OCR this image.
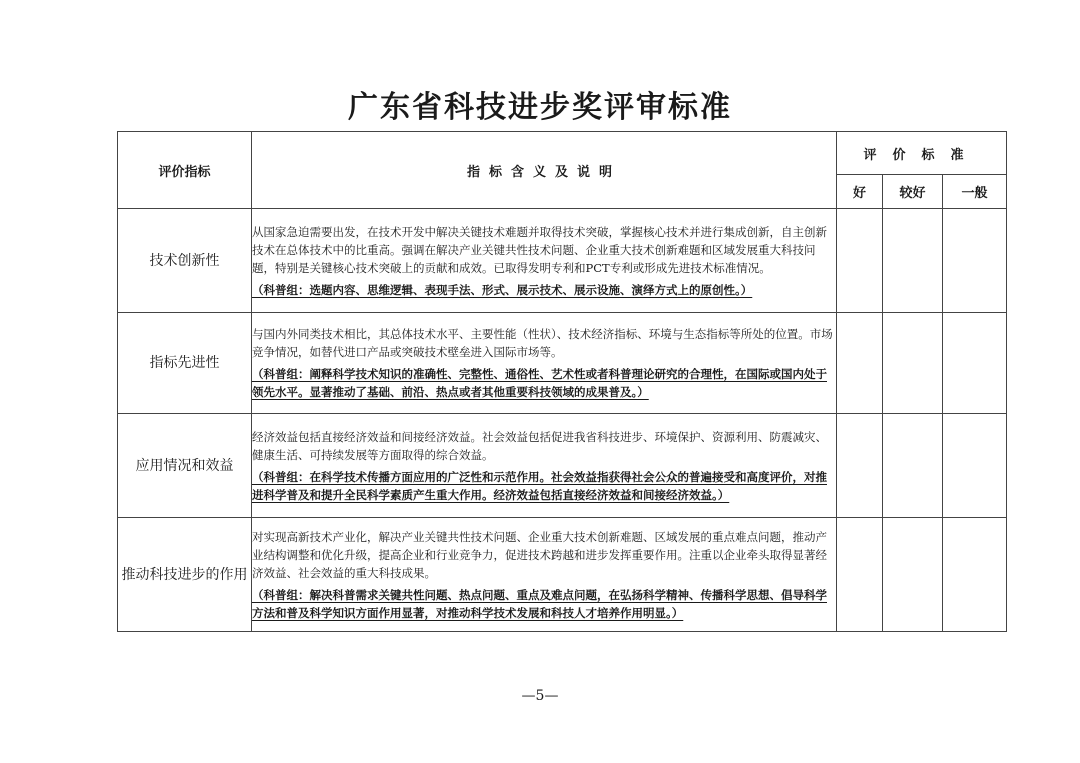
广东省科技进步奖评审标准
评价指标	指标含义及说明	评价标准		
		好	较好	一般
技术创新性	从国家急迫需要出发，在技术开发中解决关键技术难题并取得技术突破，掌握核心技术并进行集成创新，自主创新技术在总体技术中的比重高。强调在解决产业关键共性技术问题、企业重大技术创新难题和区域发展重大科技问题，特别是关键核心技术突破上的贡献和成效。已取得发明专利和PCT专利或形成先进技术标准情况。

（科普组：选题内容、思维逻辑、表现手法、形式、展示技术、展示设施、演绎方式上的原创性。）			

指标先进性	与国内外同类技术相比，其总体技术水平、主要性能（性状）、技术经济指标、环境与生态指标等所处的位置。市场竞争情况，如替代进口产品或突破技术壁垒进入国际市场等。

（科普组：阐释科学技术知识的准确性、完整性、通俗性、艺术性或者科普理论研究的合理性，在国际或国内处于领先水平。显著推动了基础、前沿、热点或者其他重要科技领域的成果普及。）			

应用情况和效益	经济效益包括直接经济效益和间接经济效益。社会效益包括促进我省科技进步、环境保护、资源利用、防震减灾、健康生活、可持续发展等方面取得的综合效益。

（科普组：在科学技术传播方面应用的广泛性和示范作用。社会效益指获得社会公众的普遍接受和高度评价，对推进科学普及和提升全民科学素质产生重大作用。经济效益包括直接经济效益和间接经济效益。）			

推动科技进步的作用	对实现高新技术产业化，解决产业关键共性技术问题、企业重大技术创新难题、区域发展的重点难点问题，推动产业结构调整和优化升级，提高企业和行业竞争力，促进技术跨越和进步发挥重要作用。注重以企业牵头取得显著经济效益、社会效益的重大科技成果。

（科普组：解决科普需求关键共性问题、热点问题、重点及难点问题，在弘扬科学精神、传播科学思想、倡导科学方法和普及科学知识方面作用显著，对推动科学技术发展和科技人才培养作用明显。）			

—5—
